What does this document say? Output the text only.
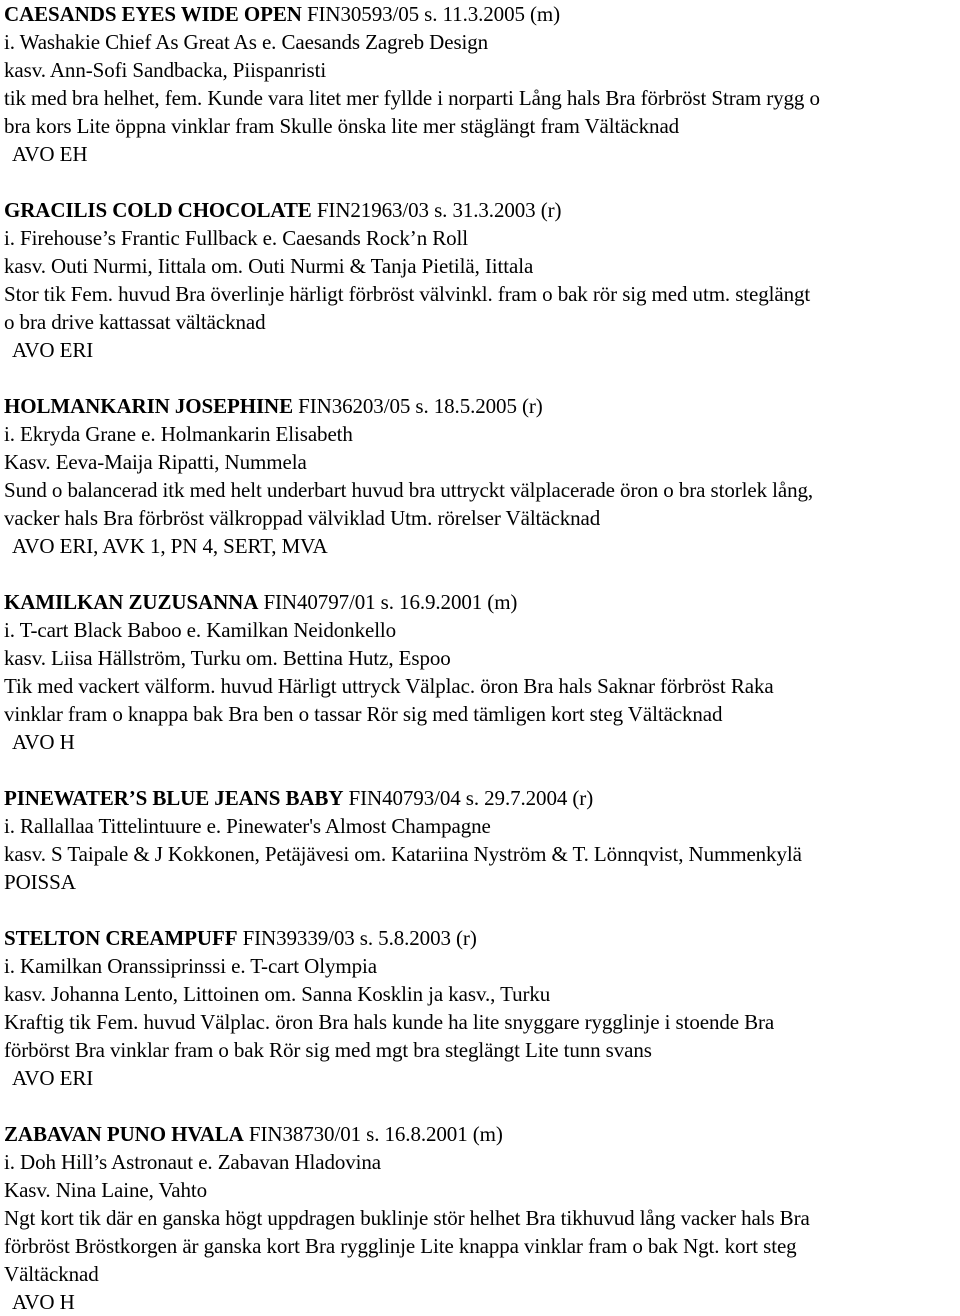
CAESANDS EYES WIDE OPEN FIN30593/05 s. 11.3.2005 (m)
i. Washakie Chief As Great As e. Caesands Zagreb Design
kasv. Ann-Sofi Sandbacka, Piispanristi
tik med bra helhet, fem. Kunde vara litet mer fyllde i norparti Lång hals Bra förbröst Stram rygg o
bra kors Lite öppna vinklar fram Skulle önska lite mer stäglängt fram Vältäcknad
AVO EH
GRACILIS COLD CHOCOLATE FIN21963/03 s. 31.3.2003 (r)
i. Firehouse’s Frantic Fullback e. Caesands Rock’n Roll
kasv. Outi Nurmi, Iittala om. Outi Nurmi & Tanja Pietilä, Iittala
Stor tik Fem. huvud Bra överlinje härligt förbröst välvinkl. fram o bak rör sig med utm. steglängt
o bra drive kattassat vältäcknad
AVO ERI
HOLMANKARIN JOSEPHINE FIN36203/05 s. 18.5.2005 (r)
i. Ekryda Grane e. Holmankarin Elisabeth
Kasv. Eeva-Maija Ripatti, Nummela
Sund o balancerad itk med helt underbart huvud bra uttryckt välplacerade öron o bra storlek lång,
vacker hals Bra förbröst välkroppad välviklad Utm. rörelser Vältäcknad
AVO ERI, AVK 1, PN 4, SERT, MVA
KAMILKAN ZUZUSANNA FIN40797/01 s. 16.9.2001 (m)
i. T-cart Black Baboo e. Kamilkan Neidonkello
kasv. Liisa Hällström, Turku om. Bettina Hutz, Espoo
Tik med vackert välform. huvud Härligt uttryck Välplac. öron Bra hals Saknar förbröst Raka
vinklar fram o knappa bak Bra ben o tassar Rör sig med tämligen kort steg Vältäcknad
AVO H
PINEWATER’S BLUE JEANS BABY FIN40793/04 s. 29.7.2004 (r)
i. Rallallaa Tittelintuure e. Pinewater's Almost Champagne
kasv. S Taipale & J Kokkonen, Petäjävesi om. Katariina Nyström & T. Lönnqvist, Nummenkylä
POISSA
STELTON CREAMPUFF FIN39339/03 s. 5.8.2003 (r)
i. Kamilkan Oranssiprinssi e. T-cart Olympia
kasv. Johanna Lento, Littoinen om. Sanna Kosklin ja kasv., Turku
Kraftig tik Fem. huvud Välplac. öron Bra hals kunde ha lite snyggare rygglinje i stoende Bra
förbörst Bra vinklar fram o bak Rör sig med mgt bra steglängt Lite tunn svans
AVO ERI
ZABAVAN PUNO HVALA FIN38730/01 s. 16.8.2001 (m)
i. Doh Hill’s Astronaut e. Zabavan Hladovina
Kasv. Nina Laine, Vahto
Ngt kort tik där en ganska högt uppdragen buklinje stör helhet Bra tikhuvud lång vacker hals Bra
förbröst Bröstkorgen är ganska kort Bra rygglinje Lite knappa vinklar fram o bak Ngt. kort steg
Vältäcknad
AVO H
